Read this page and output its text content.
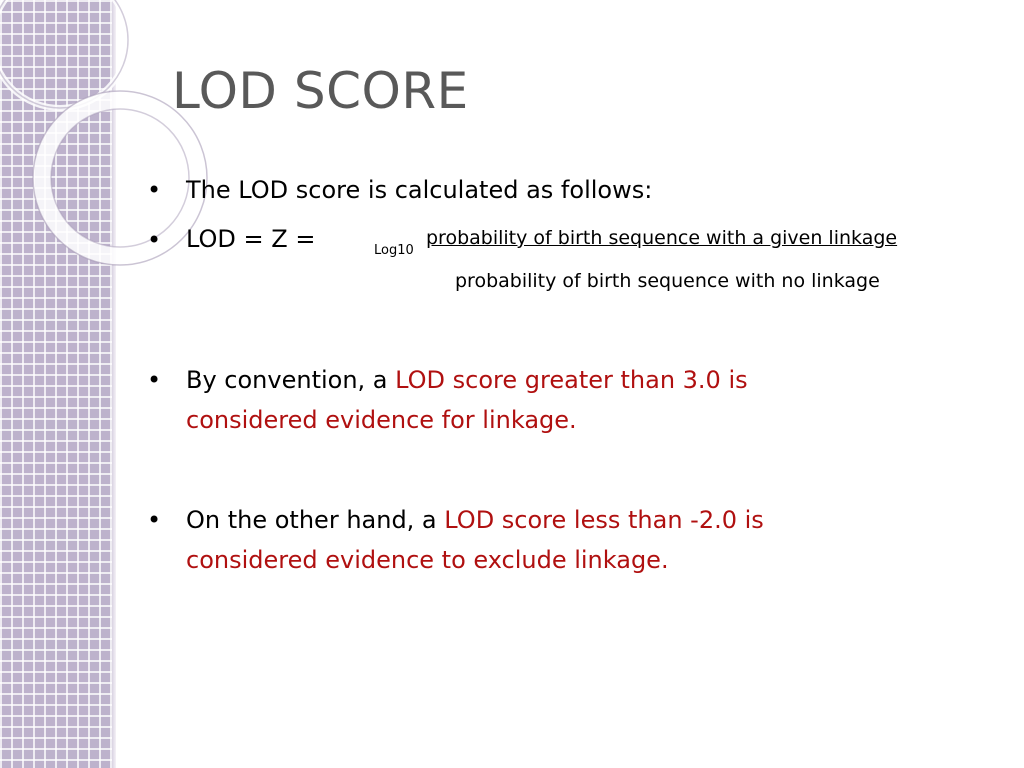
LOD SCORE
• The LOD score is calculated as follows:
• LOD = Z =	Log10
probability of birth sequence with a given linkage
probability of birth sequence with no linkage
• By convention, a LOD score greater than 3.0 is considered evidence for linkage.
• On the other hand, a LOD score less than -2.0 is considered evidence to exclude linkage.
